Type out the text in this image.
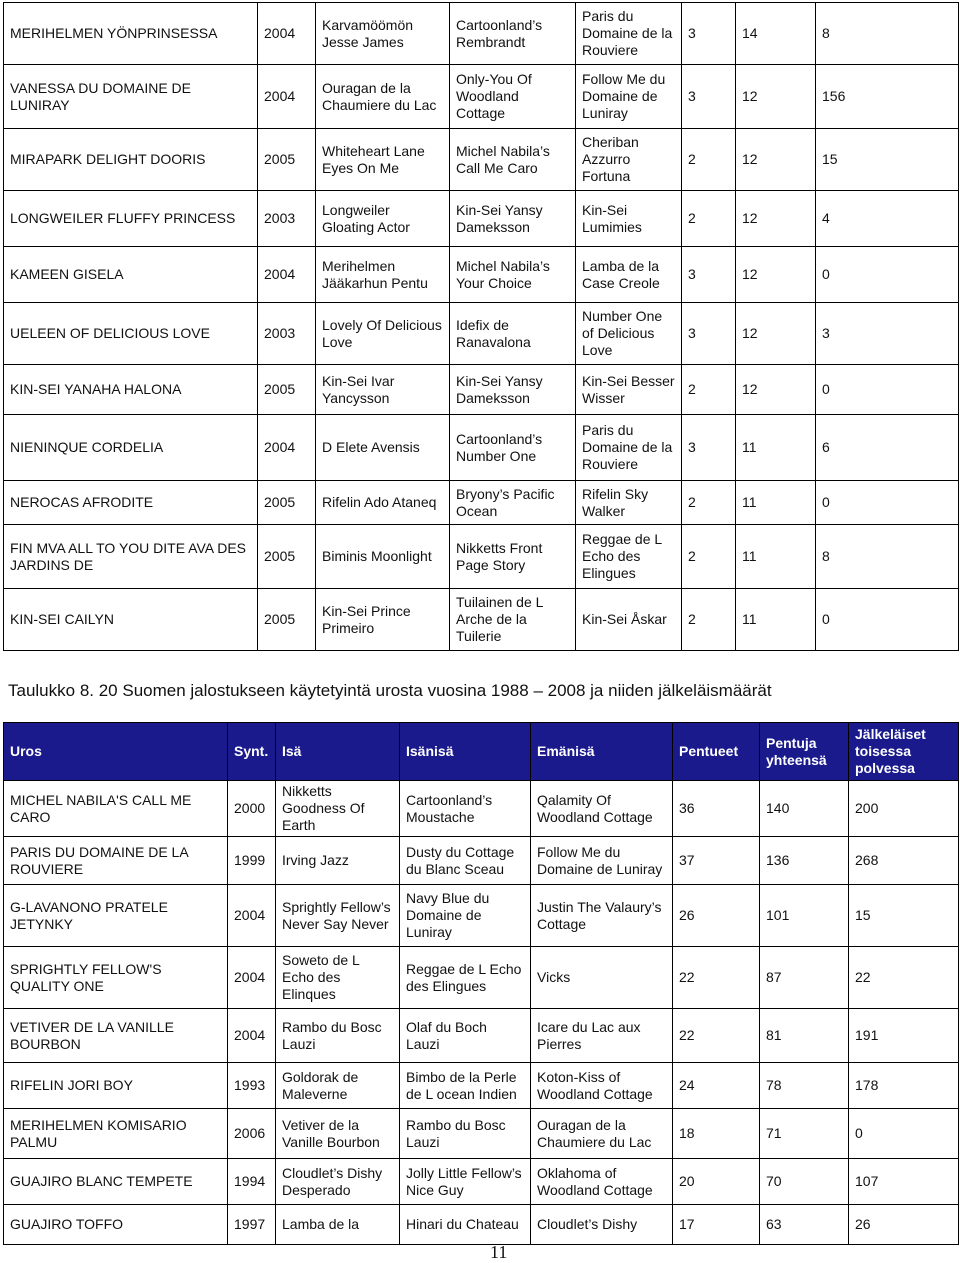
MERIHELMEN YÖNPRINSESSA	2004	Karvamöömön Jesse James	Cartoonland’s Rembrandt	Paris du Domaine de la Rouviere	3	14	8
VANESSA DU DOMAINE DE LUNIRAY	2004	Ouragan de la Chaumiere du Lac	Only-You Of Woodland Cottage	Follow Me du Domaine de Luniray	3	12	156
MIRAPARK DELIGHT DOORIS	2005	Whiteheart Lane Eyes On Me	Michel Nabila’s Call Me Caro	Cheriban Azzurro Fortuna	2	12	15
LONGWEILER FLUFFY PRINCESS	2003	Longweiler Gloating Actor	Kin-Sei Yansy Dameksson	Kin-Sei Lumimies	2	12	4
KAMEEN GISELA	2004	Merihelmen Jääkarhun Pentu	Michel Nabila’s Your Choice	Lamba de la Case Creole	3	12	0
UELEEN OF DELICIOUS LOVE	2003	Lovely Of Delicious Love	Idefix de Ranavalona	Number One of Delicious Love	3	12	3
KIN-SEI YANAHA HALONA	2005	Kin-Sei Ivar Yancysson	Kin-Sei Yansy Dameksson	Kin-Sei Besser Wisser	2	12	0
NIENINQUE CORDELIA	2004	D Elete Avensis	Cartoonland’s Number One	Paris du Domaine de la Rouviere	3	11	6
NEROCAS AFRODITE	2005	Rifelin Ado Ataneq	Bryony’s Pacific Ocean	Rifelin Sky Walker	2	11	0
FIN MVA ALL TO YOU DITE AVA DES JARDINS DE	2005	Biminis Moonlight	Nikketts Front Page Story	Reggae de L Echo des Elingues	2	11	8
KIN-SEI CAILYN	2005	Kin-Sei Prince Primeiro	Tuilainen de L Arche de la Tuilerie	Kin-Sei Åskar	2	11	0
Taulukko 8. 20 Suomen jalostukseen käytetyintä urosta vuosina 1988 – 2008 ja niiden jälkeläismäärät
Uros	Synt.	Isä	Isänisä	Emänisä	Pentueet	Pentuja yhteensä	Jälkeläiset toisessa polvessa
MICHEL NABILA'S CALL ME CARO	2000	Nikketts Goodness Of Earth	Cartoonland’s Moustache	Qalamity Of Woodland Cottage	36	140	200
PARIS DU DOMAINE DE LA ROUVIERE	1999	Irving Jazz	Dusty du Cottage du Blanc Sceau	Follow Me du Domaine de Luniray	37	136	268
G-LAVANONO PRATELE JETYNKY	2004	Sprightly Fellow’s Never Say Never	Navy Blue du Domaine de Luniray	Justin The Valaury’s Cottage	26	101	15
SPRIGHTLY FELLOW'S QUALITY ONE	2004	Soweto de L Echo des Elinques	Reggae de L Echo des Elingues	Vicks	22	87	22
VETIVER DE LA VANILLE BOURBON	2004	Rambo du Bosc Lauzi	Olaf du Boch Lauzi	Icare du Lac aux Pierres	22	81	191
RIFELIN JORI BOY	1993	Goldorak de Maleverne	Bimbo de la Perle de L ocean Indien	Koton-Kiss of Woodland Cottage	24	78	178
MERIHELMEN KOMISARIO PALMU	2006	Vetiver de la Vanille Bourbon	Rambo du Bosc Lauzi	Ouragan de la Chaumiere du Lac	18	71	0
GUAJIRO BLANC TEMPETE	1994	Cloudlet’s Dishy Desperado	Jolly Little Fellow’s Nice Guy	Oklahoma of Woodland Cottage	20	70	107
GUAJIRO TOFFO	1997	Lamba de la	Hinari du Chateau	Cloudlet’s Dishy	17	63	26
11
